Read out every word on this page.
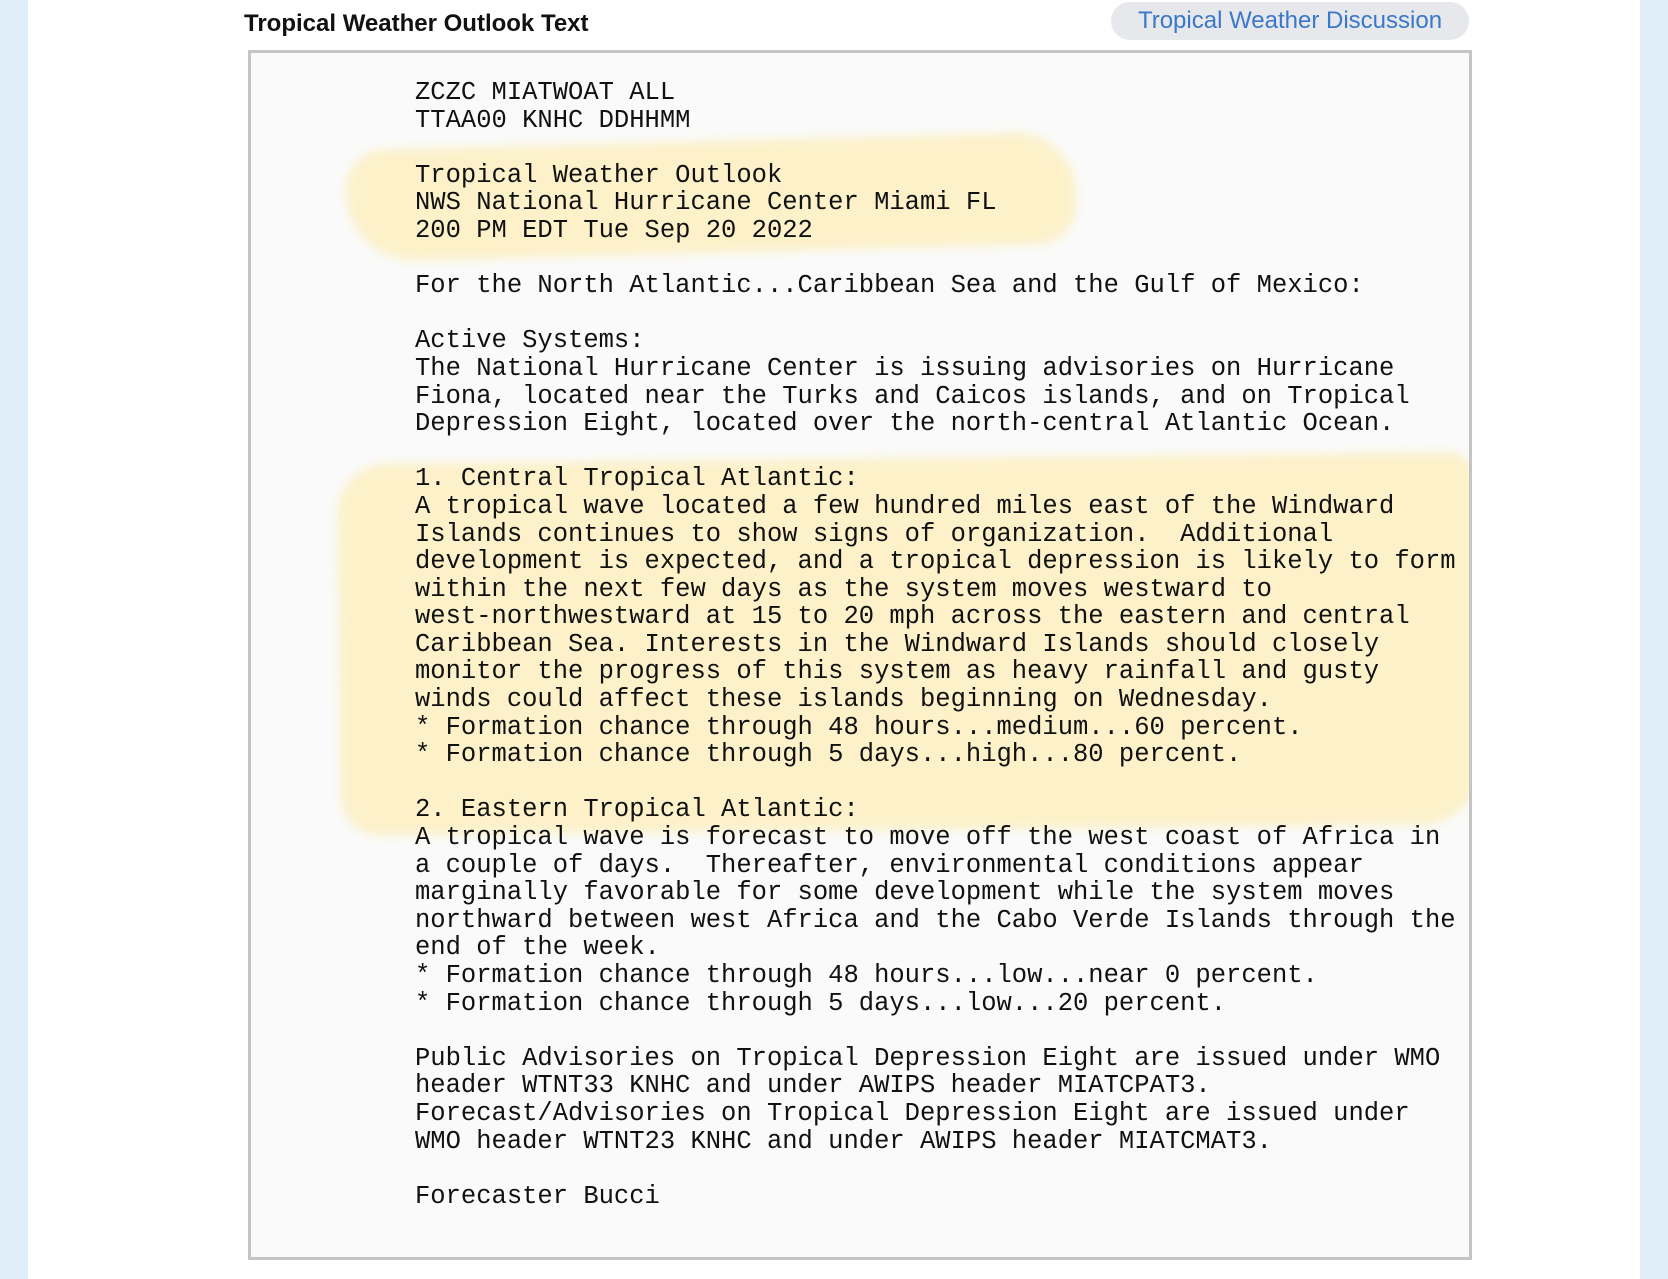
Tropical Weather Outlook Text	Tropical Weather Discussion
ZCZC MIATWOAT ALL
TTAA00 KNHC DDHHMM

Tropical Weather Outlook
NWS National Hurricane Center Miami FL
200 PM EDT Tue Sep 20 2022

For the North Atlantic...Caribbean Sea and the Gulf of Mexico:

Active Systems:
The National Hurricane Center is issuing advisories on Hurricane
Fiona, located near the Turks and Caicos islands, and on Tropical
Depression Eight, located over the north-central Atlantic Ocean.

1. Central Tropical Atlantic:
A tropical wave located a few hundred miles east of the Windward
Islands continues to show signs of organization.  Additional
development is expected, and a tropical depression is likely to form
within the next few days as the system moves westward to
west-northwestward at 15 to 20 mph across the eastern and central
Caribbean Sea. Interests in the Windward Islands should closely
monitor the progress of this system as heavy rainfall and gusty
winds could affect these islands beginning on Wednesday.
* Formation chance through 48 hours...medium...60 percent.
* Formation chance through 5 days...high...80 percent.

2. Eastern Tropical Atlantic:
A tropical wave is forecast to move off the west coast of Africa in
a couple of days.  Thereafter, environmental conditions appear
marginally favorable for some development while the system moves
northward between west Africa and the Cabo Verde Islands through the
end of the week.
* Formation chance through 48 hours...low...near 0 percent.
* Formation chance through 5 days...low...20 percent.

Public Advisories on Tropical Depression Eight are issued under WMO
header WTNT33 KNHC and under AWIPS header MIATCPAT3.
Forecast/Advisories on Tropical Depression Eight are issued under
WMO header WTNT23 KNHC and under AWIPS header MIATCMAT3.

Forecaster Bucci
